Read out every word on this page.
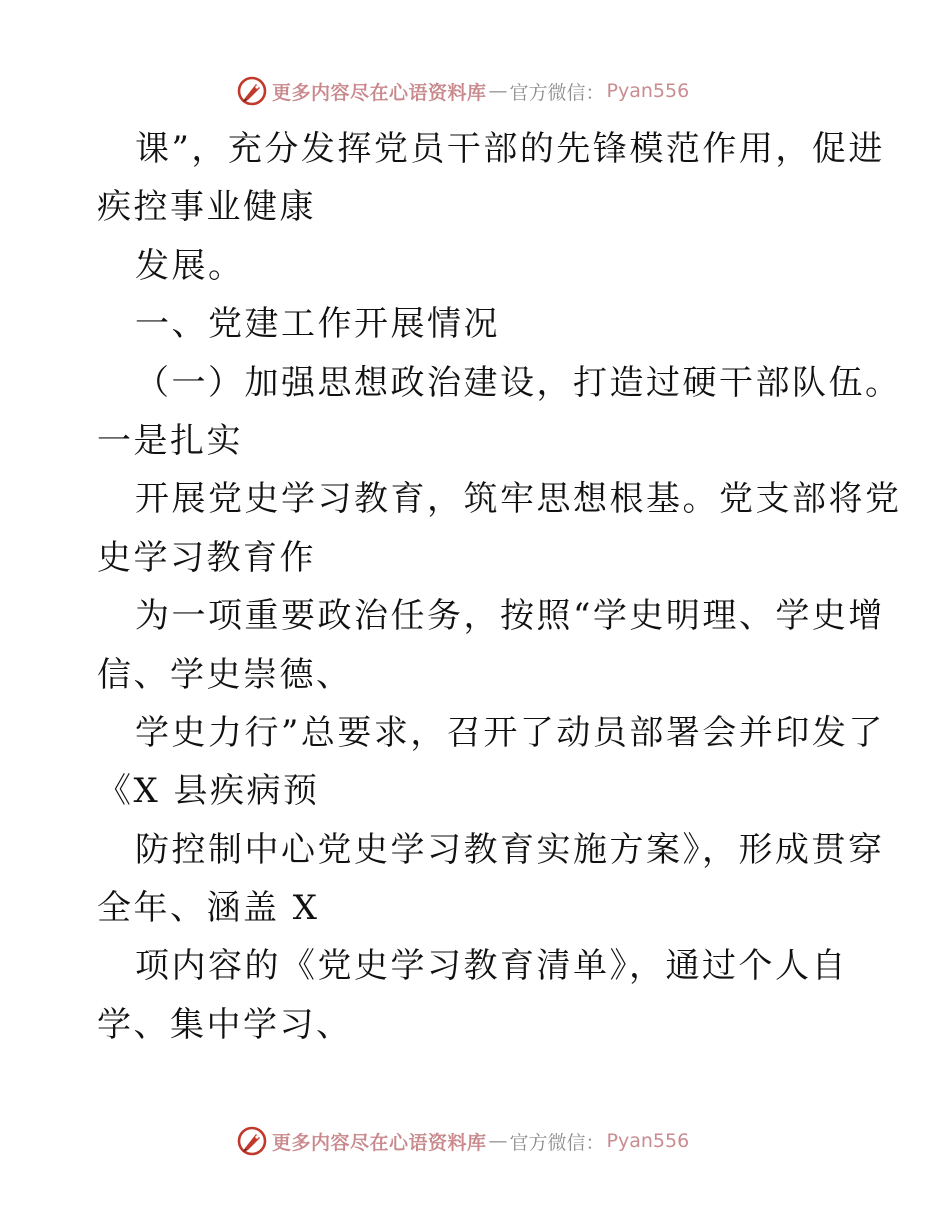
更多内容尽在心语资料库 — 官方微信： Pyan556
课”，充分发挥党员干部的先锋模范作用，促进
疾控事业健康
发展。
一、党建工作开展情况
（一）加强思想政治建设，打造过硬干部队伍。
一是扎实
开展党史学习教育，筑牢思想根基。党支部将党
史学习教育作
为一项重要政治任务，按照“学史明理、学史增
信、学史崇德、
学史力行”总要求，召开了动员部署会并印发了
《X 县疾病预
防控制中心党史学习教育实施方案》，形成贯穿
全年、涵盖 X
项内容的《党史学习教育清单》，通过个人自
学、集中学习、
更多内容尽在心语资料库 — 官方微信： Pyan556
